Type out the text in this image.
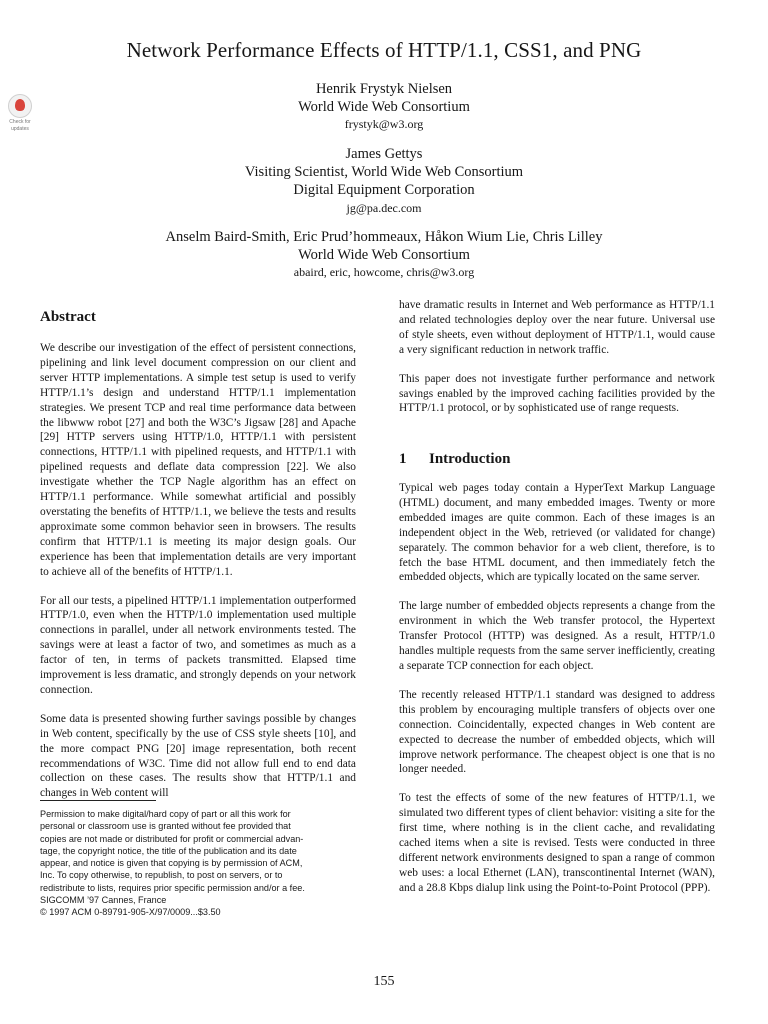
Network Performance Effects of HTTP/1.1, CSS1, and PNG
Check for
updates
Henrik Frystyk Nielsen
World Wide Web Consortium
frystyk@w3.org
James Gettys
Visiting Scientist, World Wide Web Consortium
Digital Equipment Corporation
jg@pa.dec.com
Anselm Baird-Smith, Eric Prud’hommeaux, Håkon Wium Lie, Chris Lilley
World Wide Web Consortium
abaird, eric, howcome, chris@w3.org
Abstract

We describe our investigation of the effect of persistent connections, pipelining and link level document compression on our client and server HTTP implementations. A simple test setup is used to verify HTTP/1.1’s design and understand HTTP/1.1 implementation strategies. We present TCP and real time performance data between the libwww robot [27] and both the W3C’s Jigsaw [28] and Apache [29] HTTP servers using HTTP/1.0, HTTP/1.1 with persistent connections, HTTP/1.1 with pipelined requests, and HTTP/1.1 with pipelined requests and deflate data compression [22]. We also investigate whether the TCP Nagle algorithm has an effect on HTTP/1.1 performance. While somewhat artificial and possibly overstating the benefits of HTTP/1.1, we believe the tests and results approximate some common behavior seen in browsers. The results confirm that HTTP/1.1 is meeting its major design goals. Our experience has been that implementation details are very important to achieve all of the benefits of HTTP/1.1.

For all our tests, a pipelined HTTP/1.1 implementation outperformed HTTP/1.0, even when the HTTP/1.0 implementation used multiple connections in parallel, under all network environments tested. The savings were at least a factor of two, and sometimes as much as a factor of ten, in terms of packets transmitted. Elapsed time improvement is less dramatic, and strongly depends on your network connection.

Some data is presented showing further savings possible by changes in Web content, specifically by the use of CSS style sheets [10], and the more compact PNG [20] image representation, both recent recommendations of W3C. Time did not allow full end to end data collection on these cases. The results show that HTTP/1.1 and changes in Web content will

Permission to make digital/hard copy of part or all this work for
personal or classroom use is granted without fee provided that
copies are not made or distributed for profit or commercial advan-
tage, the copyright notice, the title of the publication and its date
appear, and notice is given that copying is by permission of ACM,
Inc. To copy otherwise, to republish, to post on servers, or to
redistribute to lists, requires prior specific permission and/or a fee.
SIGCOMM ’97 Cannes, France
© 1997 ACM 0-89791-905-X/97/0009...$3.50

have dramatic results in Internet and Web performance as HTTP/1.1 and related technologies deploy over the near future. Universal use of style sheets, even without deployment of HTTP/1.1, would cause a very significant reduction in network traffic.

This paper does not investigate further performance and network savings enabled by the improved caching facilities provided by the HTTP/1.1 protocol, or by sophisticated use of range requests.

1 Introduction

Typical web pages today contain a HyperText Markup Language (HTML) document, and many embedded images. Twenty or more embedded images are quite common. Each of these images is an independent object in the Web, retrieved (or validated for change) separately. The common behavior for a web client, therefore, is to fetch the base HTML document, and then immediately fetch the embedded objects, which are typically located on the same server.

The large number of embedded objects represents a change from the environment in which the Web transfer protocol, the Hypertext Transfer Protocol (HTTP) was designed. As a result, HTTP/1.0 handles multiple requests from the same server inefficiently, creating a separate TCP connection for each object.

The recently released HTTP/1.1 standard was designed to address this problem by encouraging multiple transfers of objects over one connection. Coincidentally, expected changes in Web content are expected to decrease the number of embedded objects, which will improve network performance. The cheapest object is one that is no longer needed.

To test the effects of some of the new features of HTTP/1.1, we simulated two different types of client behavior: visiting a site for the first time, where nothing is in the client cache, and revalidating cached items when a site is revised. Tests were conducted in three different network environments designed to span a range of common web uses: a local Ethernet (LAN), transcontinental Internet (WAN), and a 28.8 Kbps dialup link using the Point-to-Point Protocol (PPP).

155
